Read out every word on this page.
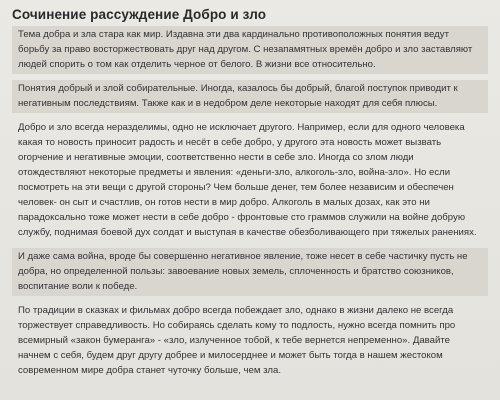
Сочинение рассуждение Добро и зло

Тема добра и зла стара как мир. Издавна эти два кардинально противоположных понятия ведут борьбу за право восторжествовать друг над другом. С незапамятных времён добро и зло заставляют людей спорить о том как отделить черное от белого. В жизни все относительно.

Понятия добрый и злой собирательные. Иногда, казалось бы добрый, благой поступок приводит к негативным последствиям. Также как и в недобром деле некоторые находят для себя плюсы.

Добро и зло всегда неразделимы, одно не исключает другого. Например, если для одного человека какая то новость приносит радость и несёт в себе добро, у другого эта новость может вызвать огорчение и негативные эмоции, соответственно нести в себе зло. Иногда со злом люди отождествляют некоторые предметы и явления: «деньги-зло, алкоголь-зло, война-зло». Но если посмотреть на эти вещи с другой стороны? Чем больше денег, тем более независим и обеспечен человек- он сыт и счастлив, он готов нести в мир добро. Алкоголь в малых дозах, как это ни парадоксально тоже может нести в себе добро - фронтовые сто граммов служили на войне добрую службу, поднимая боевой дух солдат и выступая в качестве обезболивающего при тяжелых ранениях.

И даже сама война, вроде бы совершенно негативное явление, тоже несет в себе частичку пусть не добра, но определенной пользы: завоевание новых земель, сплоченность и братство союзников, воспитание воли к победе.

По традиции в сказках и фильмах добро всегда побеждает зло, однако в жизни далеко не всегда торжествует справедливость. Но собираясь сделать кому то подлость, нужно всегда помнить про всемирный «закон бумеранга» - «зло, излученное тобой, к тебе вернется непременно». Давайте начнем с себя, будем друг другу добрее и милосерднее и может быть тогда в нашем жестоком современном мире добра станет чуточку больше, чем зла.
